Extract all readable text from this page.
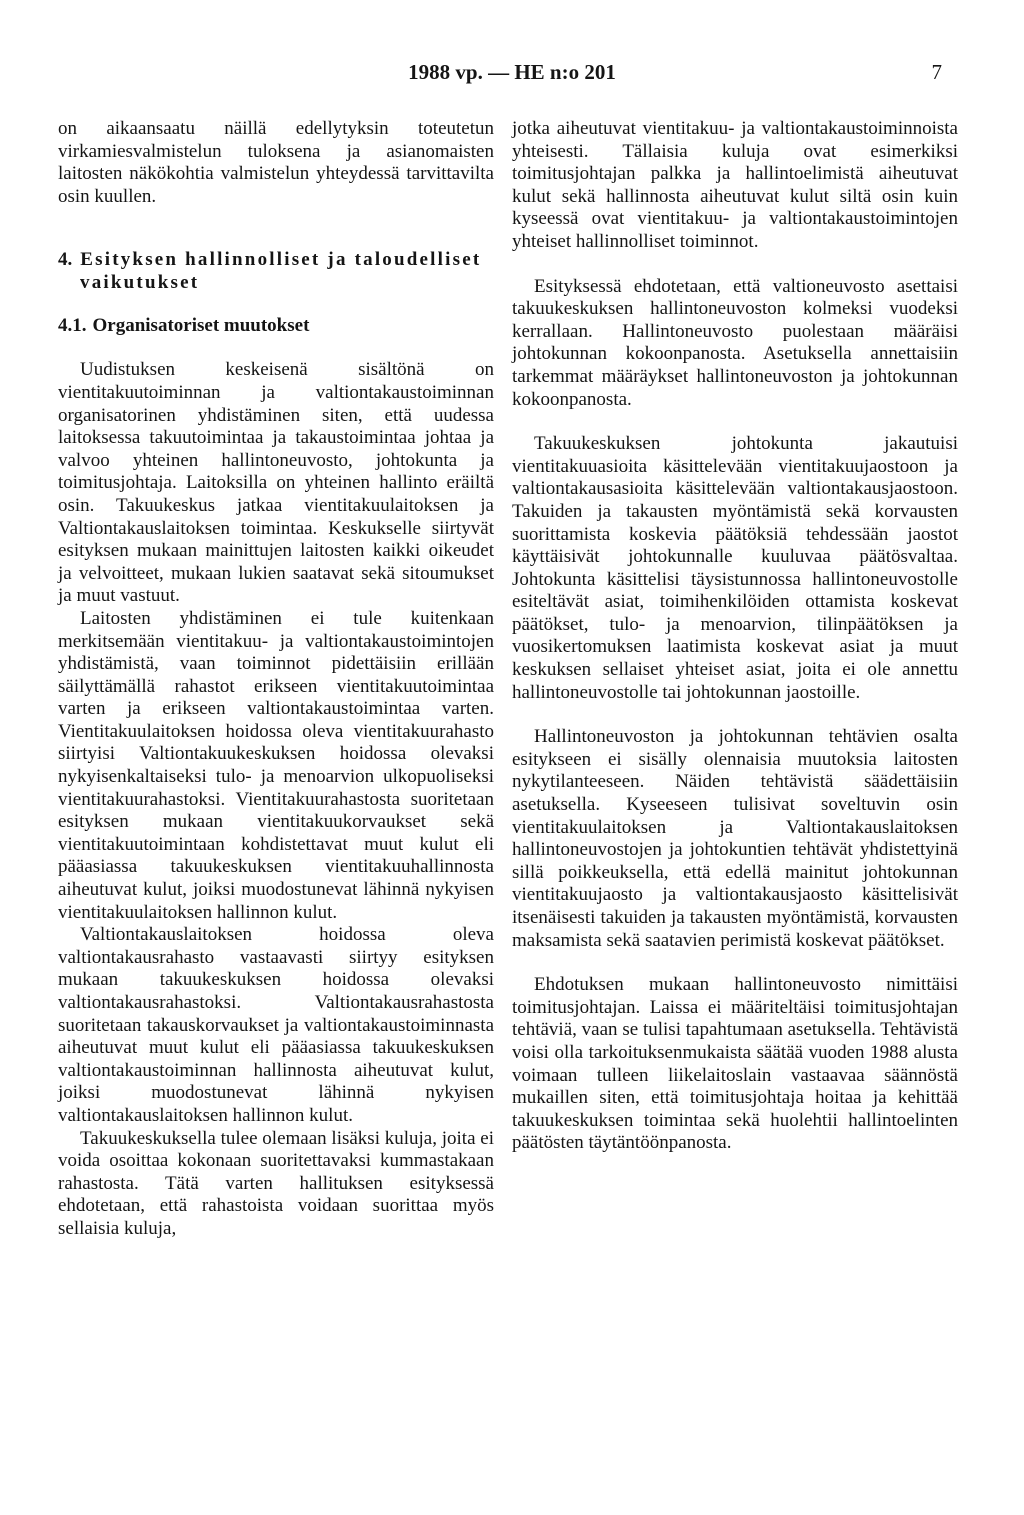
1988 vp. — HE n:o 201	7

on aikaansaatu näillä edellytyksin toteutetun virkamiesvalmistelun tuloksena ja asianomaisten laitosten näkökohtia valmistelun yhteydessä tarvittavilta osin kuullen.

4. Esityksen hallinnolliset ja taloudelliset vaikutukset
4.1. Organisatoriset muutokset

Uudistuksen keskeisenä sisältönä on vientitakuutoiminnan ja valtiontakaustoiminnan organisatorinen yhdistäminen siten, että uudessa laitoksessa takuutoimintaa ja takaustoimintaa johtaa ja valvoo yhteinen hallintoneuvosto, johtokunta ja toimitusjohtaja. Laitoksilla on yhteinen hallinto eräiltä osin. Takuukeskus jatkaa vientitakuulaitoksen ja Valtiontakauslaitoksen toimintaa. Keskukselle siirtyvät esityksen mukaan mainittujen laitosten kaikki oikeudet ja velvoitteet, mukaan lukien saatavat sekä sitoumukset ja muut vastuut.

Laitosten yhdistäminen ei tule kuitenkaan merkitsemään vientitakuu- ja valtiontakaustoimintojen yhdistämistä, vaan toiminnot pidettäisiin erillään säilyttämällä rahastot erikseen vientitakuutoimintaa varten ja erikseen valtiontakaustoimintaa varten. Vientitakuulaitoksen hoidossa oleva vientitakuurahasto siirtyisi Valtiontakuukeskuksen hoidossa olevaksi nykyisenkaltaiseksi tulo- ja menoarvion ulkopuoliseksi vientitakuurahastoksi. Vientitakuurahastosta suoritetaan esityksen mukaan vientitakuukorvaukset sekä vientitakuutoimintaan kohdistettavat muut kulut eli pääasiassa takuukeskuksen vientitakuuhallinnosta aiheutuvat kulut, joiksi muodostunevat lähinnä nykyisen vientitakuulaitoksen hallinnon kulut.

Valtiontakauslaitoksen hoidossa oleva valtiontakausrahasto vastaavasti siirtyy esityksen mukaan takuukeskuksen hoidossa olevaksi valtiontakausrahastoksi. Valtiontakausrahastosta suoritetaan takauskorvaukset ja valtiontakaustoiminnasta aiheutuvat muut kulut eli pääasiassa takuukeskuksen valtiontakaustoiminnan hallinnosta aiheutuvat kulut, joiksi muodostunevat lähinnä nykyisen valtiontakauslaitoksen hallinnon kulut.

Takuukeskuksella tulee olemaan lisäksi kuluja, joita ei voida osoittaa kokonaan suoritettavaksi kummastakaan rahastosta. Tätä varten hallituksen esityksessä ehdotetaan, että rahastoista voidaan suorittaa myös sellaisia kuluja,

jotka aiheutuvat vientitakuu- ja valtiontakaustoiminnoista yhteisesti. Tällaisia kuluja ovat esimerkiksi toimitusjohtajan palkka ja hallintoelimistä aiheutuvat kulut sekä hallinnosta aiheutuvat kulut siltä osin kuin kyseessä ovat vientitakuu- ja valtiontakaustoimintojen yhteiset hallinnolliset toiminnot.

Esityksessä ehdotetaan, että valtioneuvosto asettaisi takuukeskuksen hallintoneuvoston kolmeksi vuodeksi kerrallaan. Hallintoneuvosto puolestaan määräisi johtokunnan kokoonpanosta. Asetuksella annettaisiin tarkemmat määräykset hallintoneuvoston ja johtokunnan kokoonpanosta.

Takuukeskuksen johtokunta jakautuisi vientitakuuasioita käsittelevään vientitakuujaostoon ja valtiontakausasioita käsittelevään valtiontakausjaostoon. Takuiden ja takausten myöntämistä sekä korvausten suorittamista koskevia päätöksiä tehdessään jaostot käyttäisivät johtokunnalle kuuluvaa päätösvaltaa. Johtokunta käsittelisi täysistunnossa hallintoneuvostolle esiteltävät asiat, toimihenkilöiden ottamista koskevat päätökset, tulo- ja menoarvion, tilinpäätöksen ja vuosikertomuksen laatimista koskevat asiat ja muut keskuksen sellaiset yhteiset asiat, joita ei ole annettu hallintoneuvostolle tai johtokunnan jaostoille.

Hallintoneuvoston ja johtokunnan tehtävien osalta esitykseen ei sisälly olennaisia muutoksia laitosten nykytilanteeseen. Näiden tehtävistä säädettäisiin asetuksella. Kyseeseen tulisivat soveltuvin osin vientitakuulaitoksen ja Valtiontakauslaitoksen hallintoneuvostojen ja johtokuntien tehtävät yhdistettyinä sillä poikkeuksella, että edellä mainitut johtokunnan vientitakuujaosto ja valtiontakausjaosto käsittelisivät itsenäisesti takuiden ja takausten myöntämistä, korvausten maksamista sekä saatavien perimistä koskevat päätökset.

Ehdotuksen mukaan hallintoneuvosto nimittäisi toimitusjohtajan. Laissa ei määriteltäisi toimitusjohtajan tehtäviä, vaan se tulisi tapahtumaan asetuksella. Tehtävistä voisi olla tarkoituksenmukaista säätää vuoden 1988 alusta voimaan tulleen liikelaitoslain vastaavaa säännöstä mukaillen siten, että toimitusjohtaja hoitaa ja kehittää takuukeskuksen toimintaa sekä huolehtii hallintoelinten päätösten täytäntöönpanosta.
